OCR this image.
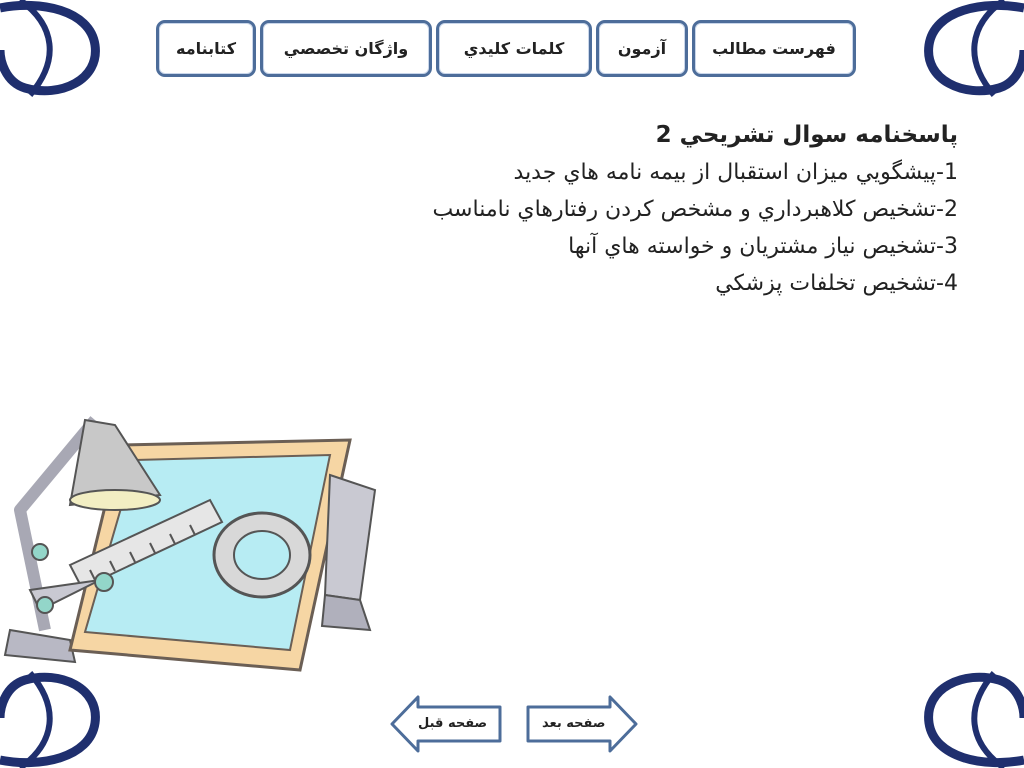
فهرست مطالب
آزمون
كلمات كليدي
واژگان تخصصي
كتابنامه
پاسخنامه سوال تشريحي 2
1-پيشگويي ميزان استقبال از بيمه نامه هاي جديد
2-تشخيص كلاهبرداري و مشخص كردن رفتارهاي نامناسب
3-تشخيص نياز مشتريان و خواسته هاي آنها
4-تشخيص تخلفات پزشكي
صفحه قبل	صفحه بعد
